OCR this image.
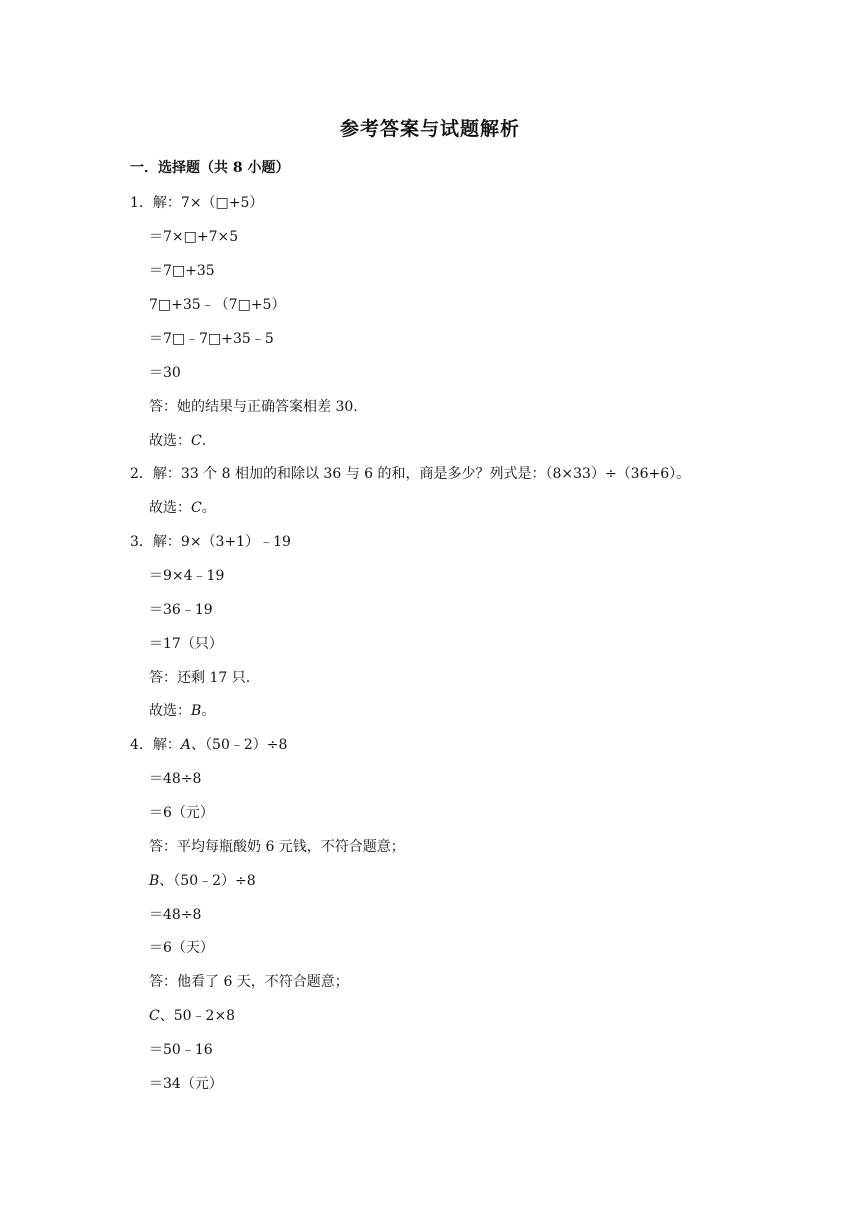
参考答案与试题解析
一．选择题（共 8 小题）
1．解：7×（□+5）
＝7×□+7×5
＝7□+35
7□+35﹣（7□+5）
＝7□﹣7□+35﹣5
＝30
答：她的结果与正确答案相差 30.
故选：C.
2．解：33 个 8 相加的和除以 36 与 6 的和，商是多少？列式是：（8×33）÷（36+6）。
故选：C。
3．解：9×（3+1）﹣19
＝9×4﹣19
＝36﹣19
＝17（只）
答：还剩 17 只.
故选：B。
4．解：A、（50﹣2）÷8
＝48÷8
＝6（元）
答：平均每瓶酸奶 6 元钱，不符合题意；
B、（50﹣2）÷8
＝48÷8
＝6（天）
答：他看了 6 天，不符合题意；
C、50﹣2×8
＝50﹣16
＝34（元）
